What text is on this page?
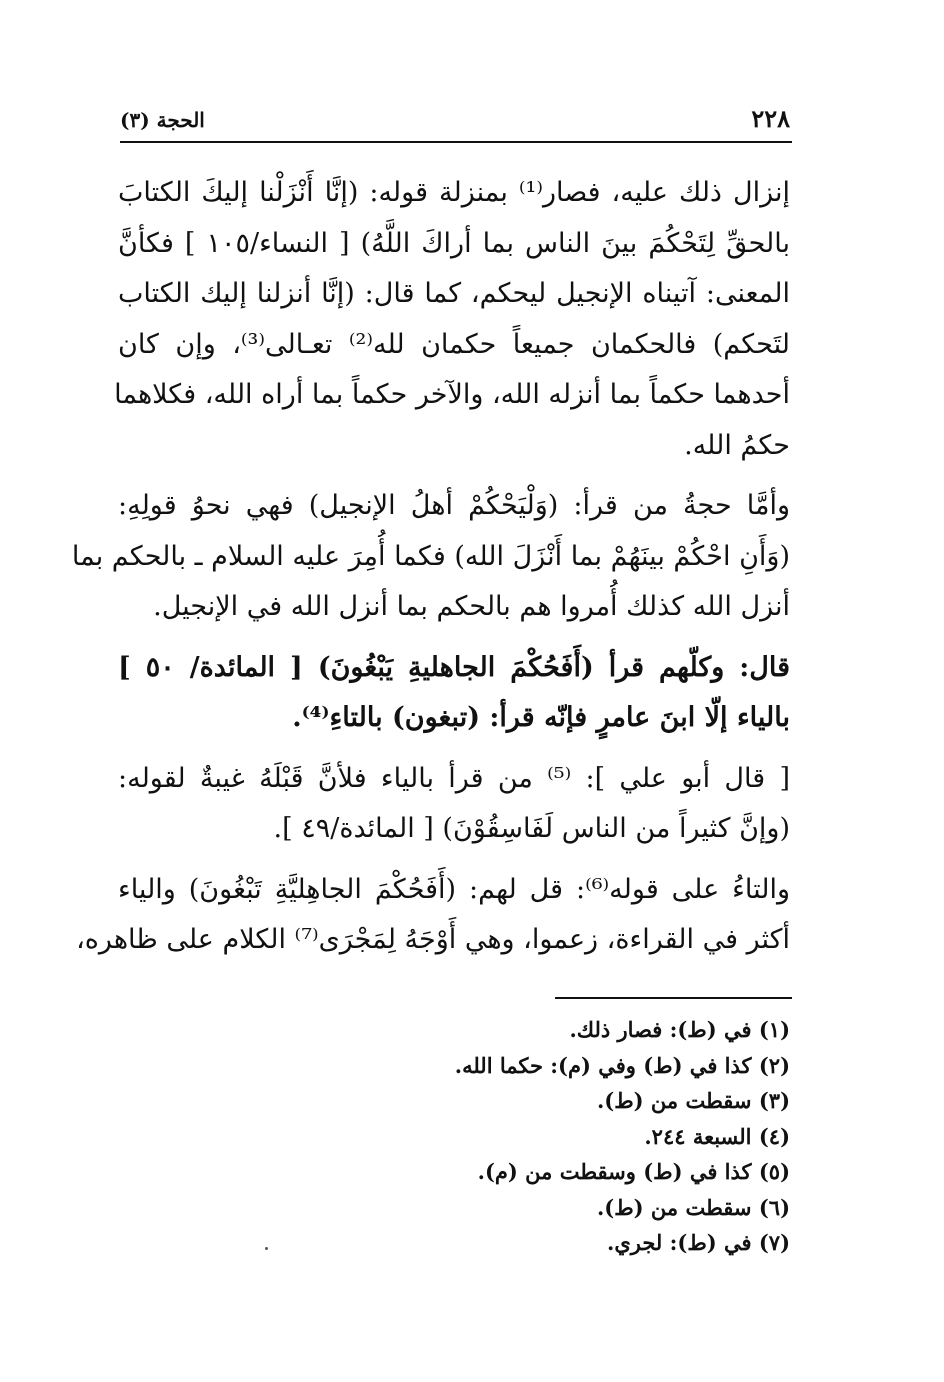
٢٢٨
الحجة (٣)
إنزال ذلك عليه، فصار⁽¹⁾ بمنزلة قوله: (إنَّا أَنْزَلْنا إليكَ الكتابَ
بالحقِّ لِتَحْكُمَ بينَ الناس بما أراكَ اللَّهُ) [ النساء/١٠٥ ] فكأنَّ
المعنى: آتيناه الإنجيل ليحكم، كما قال: (إنَّا أنزلنا إليك الكتاب
لتَحكم) فالحكمان جميعاً حكمان لله⁽²⁾ تعـالى⁽³⁾، وإن كان
أحدهما حكماً بما أنزله الله، والآخر حكماً بما أراه الله، فكلاهما
حكمُ الله.
وأمَّا حجةُ من قرأ: (وَلْيَحْكُمْ أهلُ الإنجيل) فهي نحوُ قولِهِ:
(وَأَنِ احْكُمْ بينَهُمْ بما أَنْزَلَ الله) فكما أُمِرَ عليه السلام ـ بالحكم بما
أنزل الله كذلك أُمروا هم بالحكم بما أنزل الله في الإنجيل.
قال: وكلّهم قرأ (أَفَحُكْمَ الجاهليةِ يَبْغُونَ) [ المائدة/ ٥٠ ]
بالياء إلّا ابنَ عامرٍ فإنّه قرأ: (تبغون) بالتاءِ⁽⁴⁾.
[ قال أبو علي ]: ⁽⁵⁾ من قرأ بالياء فلأنَّ قَبْلَهُ غيبةٌ لقوله:
(وإنَّ كثيراً من الناس لَفَاسِقُوْنَ) [ المائدة/٤٩ ].
والتاءُ على قوله⁽⁶⁾: قل لهم: (أَفَحُكْمَ الجاهِليَّةِ تَبْغُونَ) والياء
أكثر في القراءة، زعموا، وهي أَوْجَهُ لِمَجْرَى⁽⁷⁾ الكلام على ظاهره،
(١) في (ط): فصار ذلك.
(٢) كذا في (ط) وفي (م): حكما الله.
(٣) سقطت من (ط).
(٤) السبعة ٢٤٤.
(٥) كذا في (ط) وسقطت من (م).
(٦) سقطت من (ط).
(٧) في (ط): لجري.
